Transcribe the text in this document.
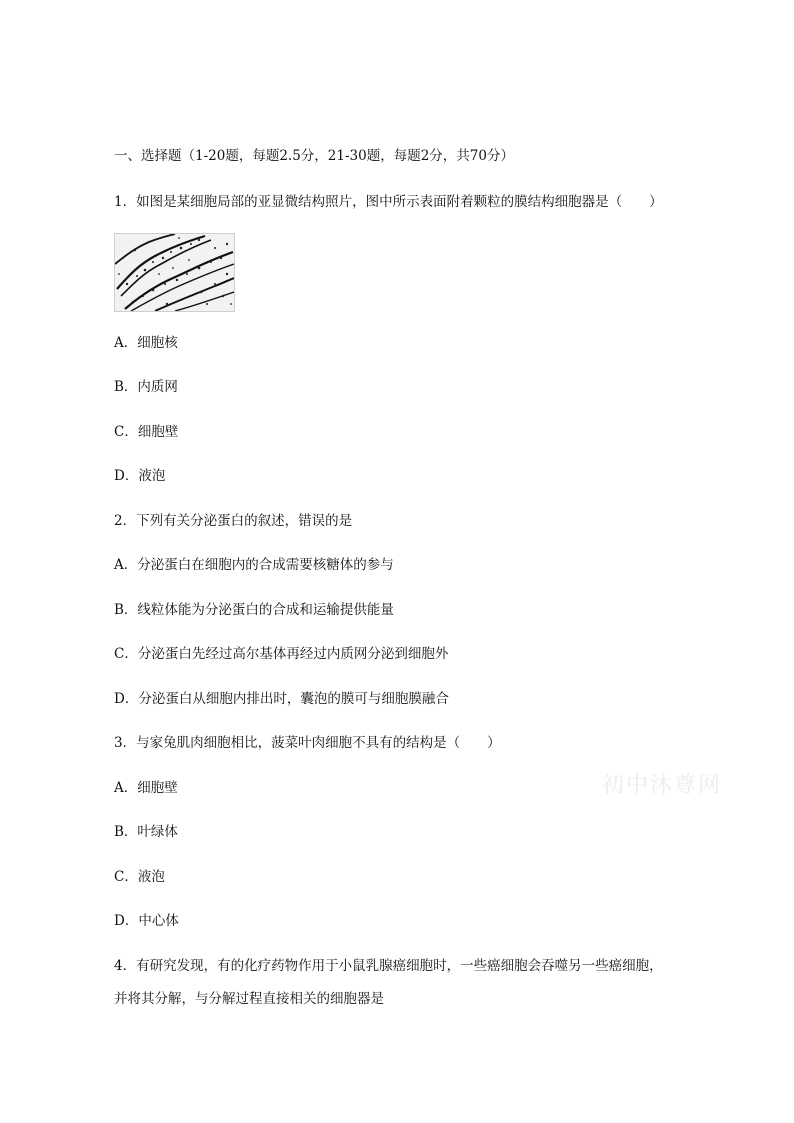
一、选择题（1-20题，每题2.5分，21-30题，每题2分，共70分）
1．如图是某细胞局部的亚显微结构照片，图中所示表面附着颗粒的膜结构细胞器是（　　）
A．细胞核
B．内质网
C．细胞壁
D．液泡
2．下列有关分泌蛋白的叙述，错误的是
A．分泌蛋白在细胞内的合成需要核糖体的参与
B．线粒体能为分泌蛋白的合成和运输提供能量
C．分泌蛋白先经过高尔基体再经过内质网分泌到细胞外
D．分泌蛋白从细胞内排出时，囊泡的膜可与细胞膜融合
3．与家兔肌肉细胞相比，菠菜叶肉细胞不具有的结构是（　　）
A．细胞壁
B．叶绿体
C．液泡
D．中心体
4．有研究发现，有的化疗药物作用于小鼠乳腺癌细胞时，一些癌细胞会吞噬另一些癌细胞，
并将其分解，与分解过程直接相关的细胞器是
初中沐尊网
